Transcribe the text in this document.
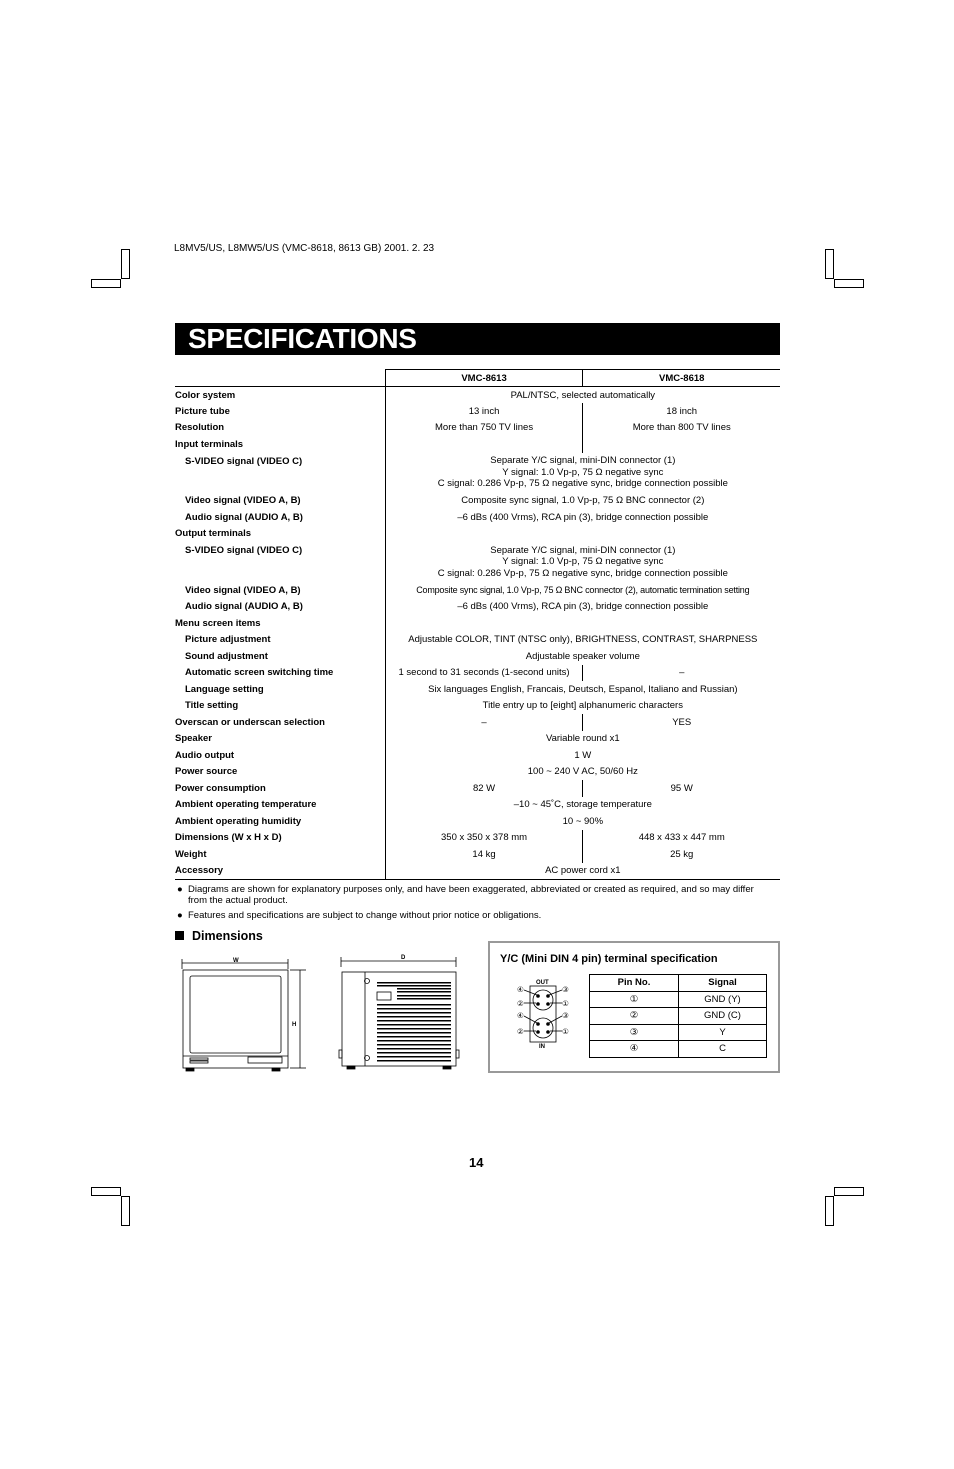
L8MV5/US, L8MW5/US (VMC-8618, 8613 GB) 2001. 2. 23
SPECIFICATIONS
	VMC-8613	VMC-8618
Color system	PAL/NTSC, selected automatically	
Picture tube	13 inch	18 inch
Resolution	More than 750 TV lines	More than 800 TV lines
Input terminals		
S-VIDEO signal (VIDEO C)	Separate Y/C signal, mini-DIN connector (1)
Y signal: 1.0 Vp-p, 75 Ω negative sync
C signal: 0.286 Vp-p, 75 Ω negative sync, bridge connection possible	

Video signal (VIDEO A, B)	Composite sync signal, 1.0 Vp-p, 75 Ω BNC connector (2)	
Audio signal (AUDIO A, B)	–6 dBs (400 Vrms), RCA pin (3), bridge connection possible	
Output terminals		
S-VIDEO signal (VIDEO C)	Separate Y/C signal, mini-DIN connector (1)
Y signal: 1.0 Vp-p, 75 Ω negative sync
C signal: 0.286 Vp-p, 75 Ω negative sync, bridge connection possible	

Video signal (VIDEO A, B)	Composite sync signal, 1.0 Vp-p, 75 Ω BNC connector (2), automatic termination setting	
Audio signal (AUDIO A, B)	–6 dBs (400 Vrms), RCA pin (3), bridge connection possible	
Menu screen items		
Picture adjustment	Adjustable COLOR, TINT (NTSC only), BRIGHTNESS, CONTRAST, SHARPNESS	
Sound adjustment	Adjustable speaker volume	
Automatic screen switching time	1 second to 31 seconds (1-second units)	–
Language setting	Six languages English, Francais, Deutsch, Espanol, Italiano and Russian)	
Title setting	Title entry up to [eight] alphanumeric characters	
Overscan or underscan selection	–	YES
Speaker	Variable round x1	
Audio output	1 W	
Power source	100 ~ 240 V AC, 50/60 Hz	
Power consumption	82 W	95 W
Ambient operating temperature	–10 ~ 45˚C, storage temperature	
Ambient operating humidity	10 ~ 90%	
Dimensions (W x H x D)	350 x 350 x 378 mm	448 x 433 x 447 mm
Weight	14 kg	25 kg
Accessory	AC power cord x1	
● Diagrams are shown for explanatory purposes only, and have been exaggerated, abbreviated or created as required, and so may differ from the actual product.
● Features and specifications are subject to change without prior notice or obligations.
Dimensions
W
H
D	Y/C (Mini DIN 4 pin) terminal specification
OUT
④
②
③
①
④
②
③
①
IN
Pin No.	Signal
①	GND (Y)
②	GND (C)
③	Y
④	C
14
